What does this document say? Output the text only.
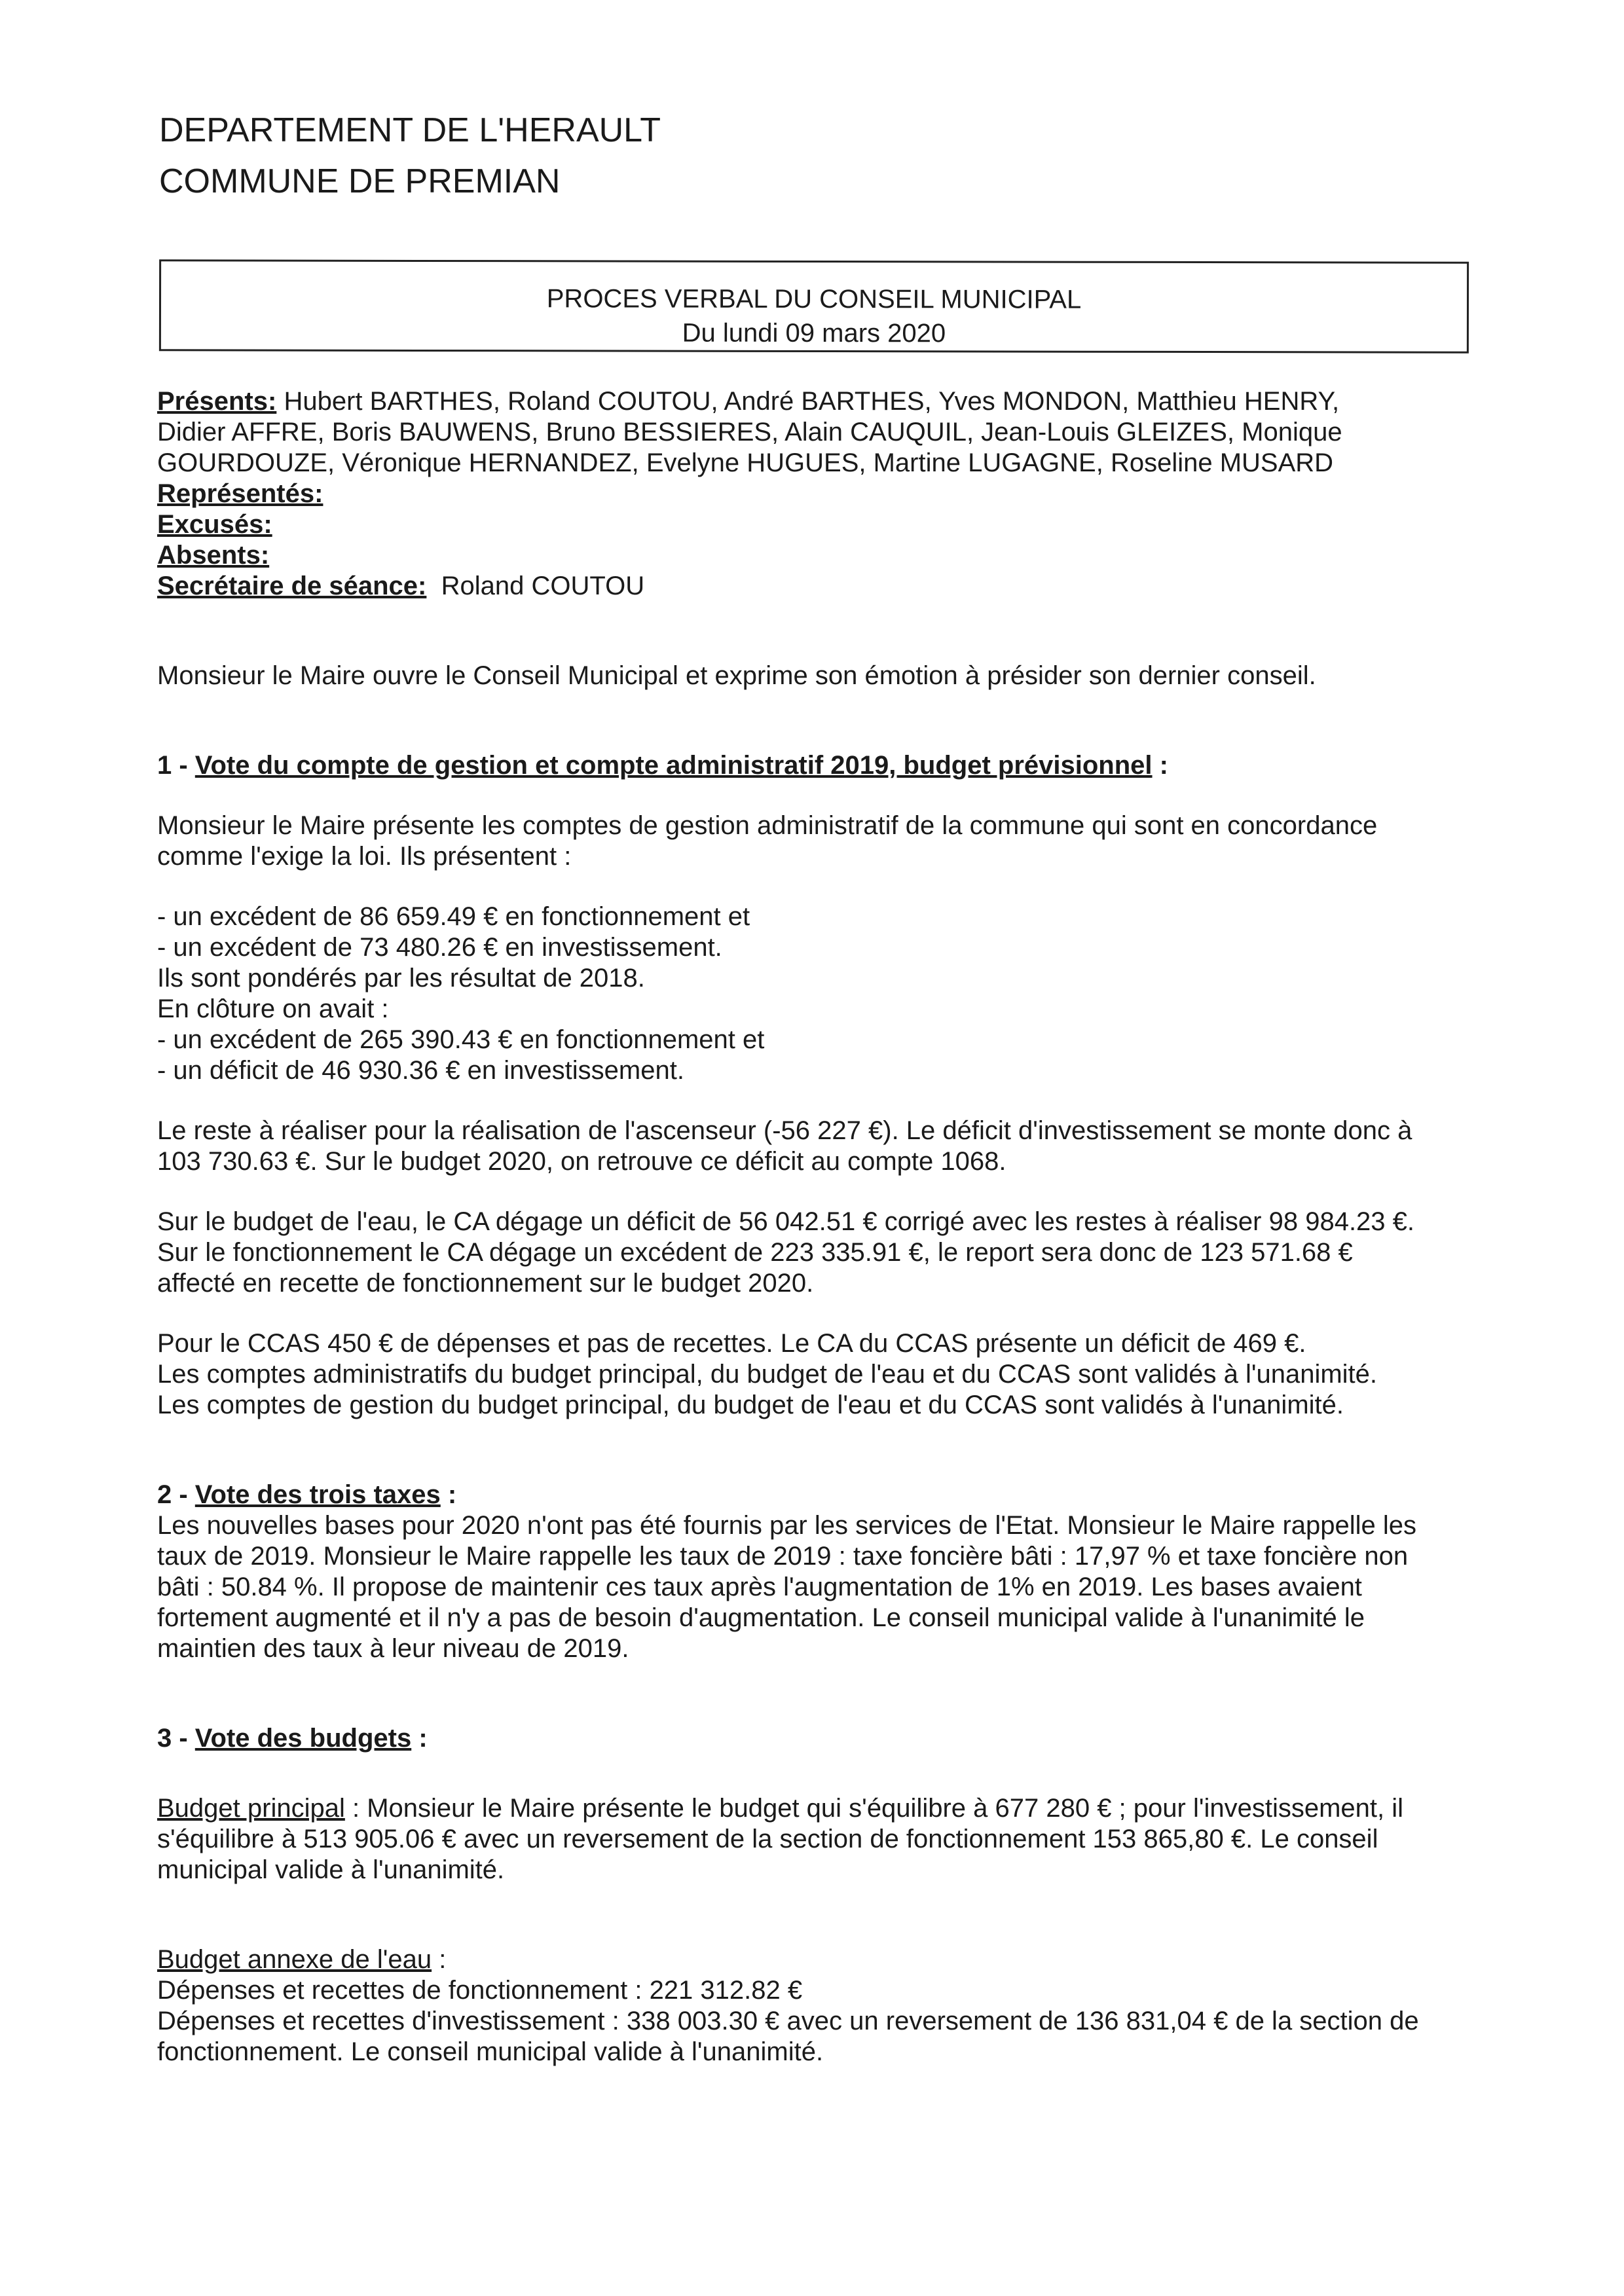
DEPARTEMENT DE L'HERAULT
COMMUNE DE PREMIAN
PROCES VERBAL DU CONSEIL MUNICIPAL
Du lundi 09 mars 2020

Présents: Hubert BARTHES, Roland COUTOU, André BARTHES, Yves MONDON, Matthieu HENRY,

Didier AFFRE, Boris BAUWENS, Bruno BESSIERES, Alain CAUQUIL, Jean-Louis GLEIZES, Monique

GOURDOUZE, Véronique HERNANDEZ, Evelyne HUGUES, Martine LUGAGNE, Roseline MUSARD

Représentés:

Excusés:

Absents:

Secrétaire de séance: Roland COUTOU

Monsieur le Maire ouvre le Conseil Municipal et exprime son émotion à présider son dernier conseil.

1 - Vote du compte de gestion et compte administratif 2019, budget prévisionnel :

Monsieur le Maire présente les comptes de gestion administratif de la commune qui sont en concordance

comme l'exige la loi. Ils présentent :

- un excédent de 86 659.49 € en fonctionnement et

- un excédent de 73 480.26 € en investissement.

Ils sont pondérés par les résultat de 2018.

En clôture on avait :

- un excédent de 265 390.43 € en fonctionnement et

- un déficit de 46 930.36 € en investissement.

Le reste à réaliser pour la réalisation de l'ascenseur (-56 227 €). Le déficit d'investissement se monte donc à

103 730.63 €. Sur le budget 2020, on retrouve ce déficit au compte 1068.

Sur le budget de l'eau, le CA dégage un déficit de 56 042.51 € corrigé avec les restes à réaliser 98 984.23 €.

Sur le fonctionnement le CA dégage un excédent de 223 335.91 €, le report sera donc de 123 571.68 €

affecté en recette de fonctionnement sur le budget 2020.

Pour le CCAS 450 € de dépenses et pas de recettes. Le CA du CCAS présente un déficit de 469 €.

Les comptes administratifs du budget principal, du budget de l'eau et du CCAS sont validés à l'unanimité.

Les comptes de gestion du budget principal, du budget de l'eau et du CCAS sont validés à l'unanimité.

2 - Vote des trois taxes :

Les nouvelles bases pour 2020 n'ont pas été fournis par les services de l'Etat. Monsieur le Maire rappelle les

taux de 2019. Monsieur le Maire rappelle les taux de 2019 : taxe foncière bâti : 17,97 % et taxe foncière non

bâti : 50.84 %. Il propose de maintenir ces taux après l'augmentation de 1% en 2019. Les bases avaient

fortement augmenté et il n'y a pas de besoin d'augmentation. Le conseil municipal valide à l'unanimité le

maintien des taux à leur niveau de 2019.

3 - Vote des budgets :

Budget principal : Monsieur le Maire présente le budget qui s'équilibre à 677 280 € ; pour l'investissement, il

s'équilibre à 513 905.06 € avec un reversement de la section de fonctionnement 153 865,80 €. Le conseil

municipal valide à l'unanimité.

Budget annexe de l'eau :

Dépenses et recettes de fonctionnement : 221 312.82 €

Dépenses et recettes d'investissement : 338 003.30 € avec un reversement de 136 831,04 € de la section de

fonctionnement. Le conseil municipal valide à l'unanimité.
